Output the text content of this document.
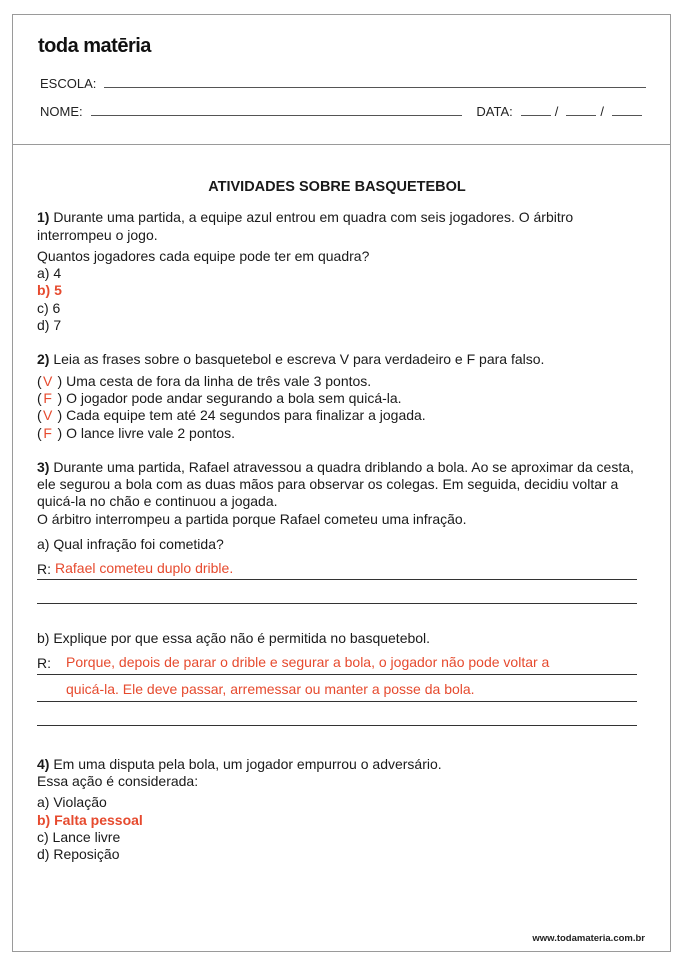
toda matēria
ESCOLA:
NOME:	DATA:	/	/
ATIVIDADES SOBRE BASQUETEBOL

1) Durante uma partida, a equipe azul entrou em quadra com seis jogadores. O árbitro interrompeu o jogo.

Quantos jogadores cada equipe pode ter em quadra?

a) 4

b) 5

c) 6

d) 7

2) Leia as frases sobre o basquetebol e escreva V para verdadeiro e F para falso.

(V ) Uma cesta de fora da linha de três vale 3 pontos.

( F ) O jogador pode andar segurando a bola sem quicá-la.

(V ) Cada equipe tem até 24 segundos para finalizar a jogada.

( F ) O lance livre vale 2 pontos.

3) Durante uma partida, Rafael atravessou a quadra driblando a bola. Ao se aproximar da cesta, ele segurou a bola com as duas mãos para observar os colegas. Em seguida, decidiu voltar a quicá-la no chão e continuou a jogada.

O árbitro interrompeu a partida porque Rafael cometeu uma infração.

a) Qual infração foi cometida?

R: Rafael cometeu duplo drible.

b) Explique por que essa ação não é permitida no basquetebol.

R: Porque, depois de parar o drible e segurar a bola, o jogador não pode voltar a
quicá-la. Ele deve passar, arremessar ou manter a posse da bola.

4) Em uma disputa pela bola, um jogador empurrou o adversário.

Essa ação é considerada:

a) Violação

b) Falta pessoal

c) Lance livre

d) Reposição

www.todamateria.com.br
